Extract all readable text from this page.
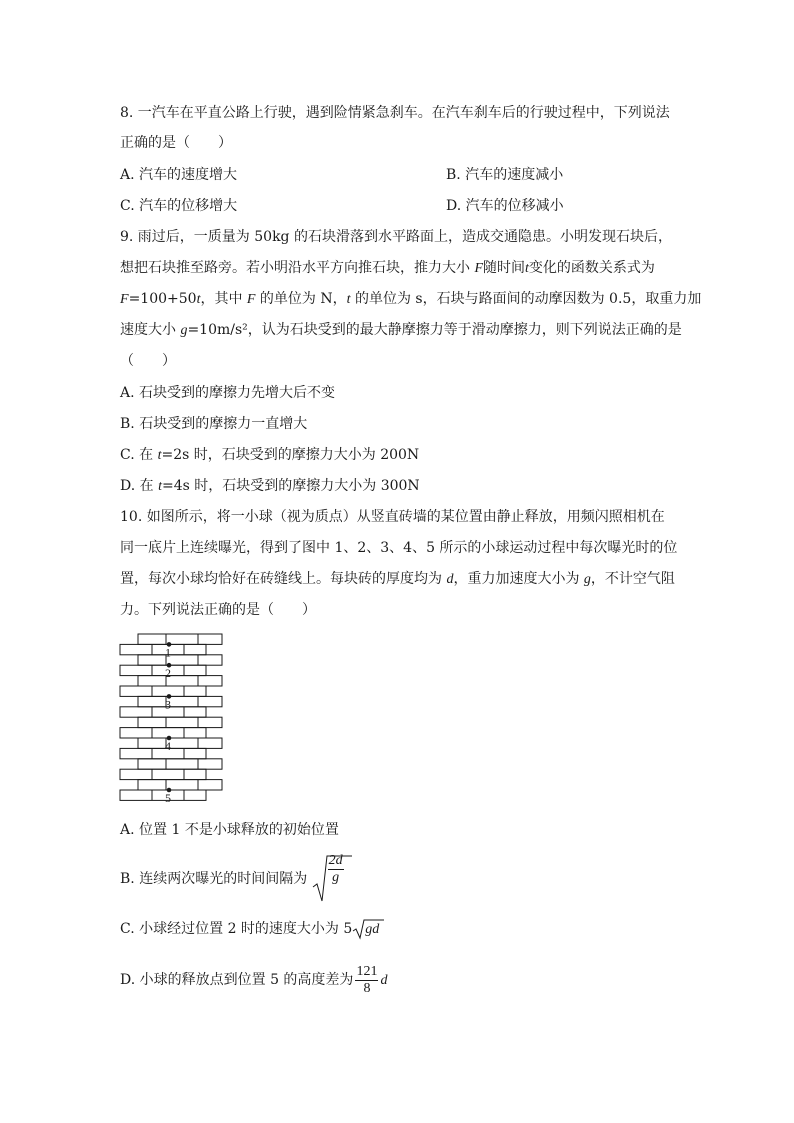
8. 一汽车在平直公路上行驶，遇到险情紧急刹车。在汽车刹车后的行驶过程中，下列说法
正确的是（　　）
A. 汽车的速度增大	B. 汽车的速度减小
C. 汽车的位移增大	D. 汽车的位移减小
9. 雨过后，一质量为 50kg 的石块滑落到水平路面上，造成交通隐患。小明发现石块后，
想把石块推至路旁。若小明沿水平方向推石块，推力大小 F随时间t变化的函数关系式为
F=100+50t，其中 F 的单位为 N，t 的单位为 s，石块与路面间的动摩因数为 0.5，取重力加
速度大小 g=10m/s²，认为石块受到的最大静摩擦力等于滑动摩擦力，则下列说法正确的是
（　　）
A. 石块受到的摩擦力先增大后不变
B. 石块受到的摩擦力一直增大
C. 在 t=2s 时，石块受到的摩擦力大小为 200N
D. 在 t=4s 时，石块受到的摩擦力大小为 300N
10. 如图所示，将一小球（视为质点）从竖直砖墙的某位置由静止释放，用频闪照相机在
同一底片上连续曝光，得到了图中 1、2、3、4、5 所示的小球运动过程中每次曝光时的位
置，每次小球均恰好在砖缝线上。每块砖的厚度均为 d，重力加速度大小为 g，不计空气阻
力。下列说法正确的是（　　）
1
2
3
4
5
A. 位置 1 不是小球释放的初始位置
B. 连续两次曝光的时间间隔为 $\frac{2d}{g}$
C. 小球经过位置 2 时的速度大小为 5 gd
D. 小球的释放点到位置 5 的高度差为 $\frac{121}{8}$ d
